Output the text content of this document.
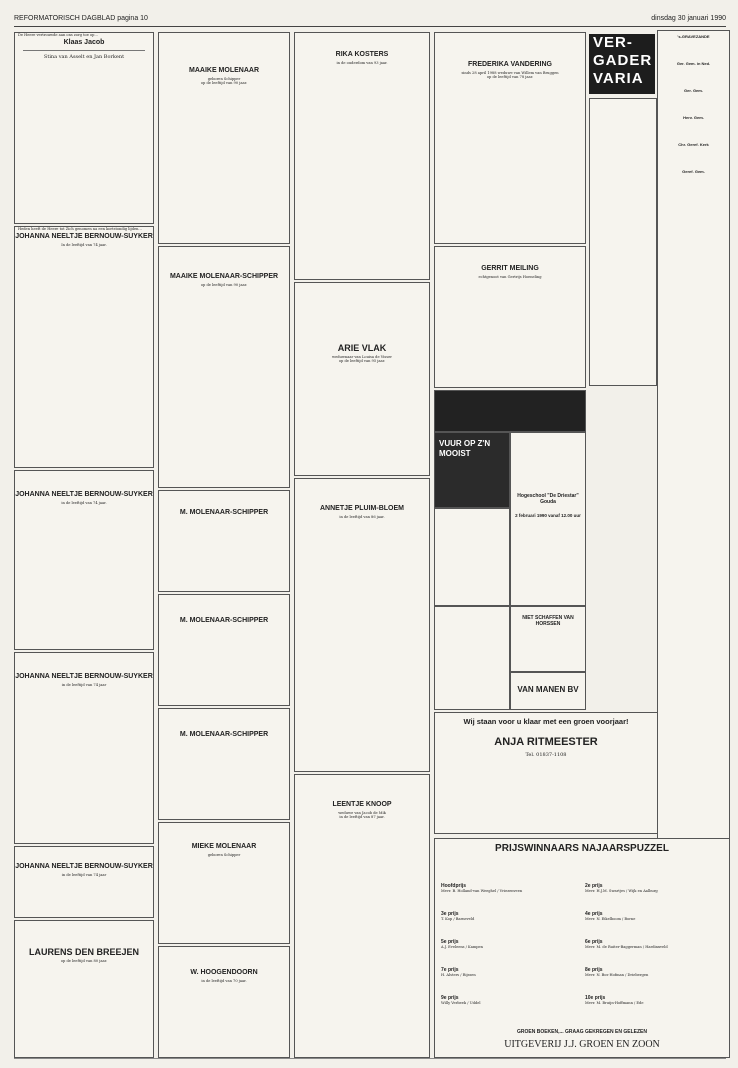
REFORMATORISCH DAGBLAD pagina 10	dinsdag 30 januari 1990

De Heere vertrouwde aan ons zorg toe op…

Klaas Jacob
Stina van Asselt en Jan Borkent

Heden heeft de Heere tot Zich genomen na een kortstondig lijden…

JOHANNA NEELTJE BERNOUW-SUYKER

In de leeftijd van 74 jaar.

JOHANNA NEELTJE BERNOUW-SUYKER

in de leeftijd van 74 jaar.

JOHANNA NEELTJE BERNOUW-SUYKER

in de leeftijd van 74 jaar

JOHANNA NEELTJE BERNOUW-SUYKER

in de leeftijd van 74 jaar

LAURENS DEN BREEJEN

op de leeftijd van 80 jaar.

MAAIKE MOLENAAR

geboren Schipper

op de leeftijd van 90 jaar.

MAAIKE MOLENAAR-SCHIPPER

op de leeftijd van 90 jaar.

M. MOLENAAR-SCHIPPER
M. MOLENAAR-SCHIPPER
M. MOLENAAR-SCHIPPER
MIEKE MOLENAAR

geboren Schipper

W. HOOGENDOORN

in de leeftijd van 70 jaar.

RIKA KOSTERS

in de ouderdom van 93 jaar.

ARIE VLAK

weduwnaar van Louisa de Visser

op de leeftijd van 95 jaar.

ANNETJE PLUIM-BLOEM

in de leeftijd van 86 jaar.

LEENTJE KNOOP

weduwe van Jacob de Mik

in de leeftijd van 87 jaar.

FREDERIKA VANDERING

sinds 28 april 1988 weduwe van Willem van Bruggen

op de leeftijd van 78 jaar.

GERRIT MEILING

echtgenoot van Gertrijs Hoeneling

VUUR OP Z'N MOOIST
Hogeschool "De Driestar" Gouda
2 februari 1990 vanaf 12.00 uur
NIET SCHAFFEN VAN HORSSEN
VAN MANEN BV
Wij staan voor u klaar met een groen voorjaar!
ANJA RITMEESTER
Tel. 01837-1108
VER-
GADER
VARIA
's-GRAVEZANDE
Ger. Gem. in Ned.
Ger. Gem.
Herv. Gem.
Chr. Geref. Kerk
Geref. Gem.
PRIJSWINNAARS NAJAARSPUZZEL
Hoofdprijs
Mevr. B. Holland-van Weeghel / Vriezenveen
2e prijs
Mevr. H.J.M. Swartjes / Wijk en Aalburg
3e prijs
T. Kop / Barneveld
4e prijs
Mevr. N. Eikelboom / Borne
5e prijs
A.J. Eveleens / Kampen
6e prijs
Mevr. M. de Ruiter-Baggerman / Hardinxveld
7e prijs
H. Alsters / Rijssen
8e prijs
Mevr. N. Bos-Hofman / Driebergen
9e prijs
Willy Verbeek / Uddel
10e prijs
Mevr. M. Bruijn-Hoffmann / Ede
GROEN BOEKEN,... GRAAG GEKREGEN EN GELEZEN
UITGEVERIJ J.J. GROEN EN ZOON
